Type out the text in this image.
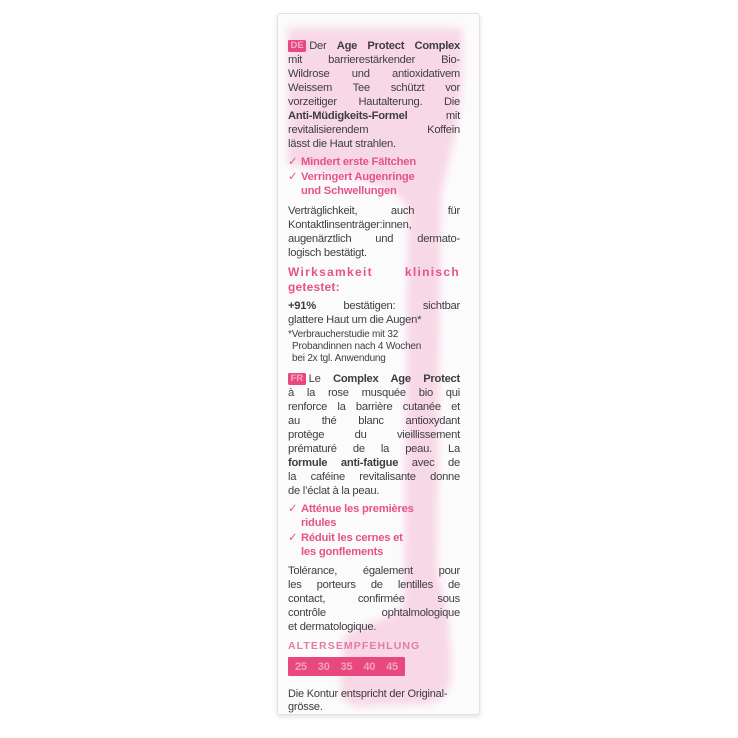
DE Der Age Protect Complex
mit barrierestärkender Bio-
Wildrose und antioxidativem
Weissem Tee schützt vor
vorzeitiger Hautalterung. Die
Anti-Müdigkeits-Formel mit
revitalisierendem Koffein
lässt die Haut strahlen.
✓ Mindert erste Fältchen
✓ Verringert Augenringe
und Schwellungen
Verträglichkeit, auch für
Kontaktlinsenträger:innen,
augenärztlich und dermato-
logisch bestätigt.
Wirksamkeit klinisch
getestet:
+91% bestätigen: sichtbar
glattere Haut um die Augen*
*Verbraucherstudie mit 32
Probandinnen nach 4 Wochen
bei 2x tgl. Anwendung
FR Le Complex Age Protect
à la rose musquée bio qui
renforce la barrière cutanée et
au thé blanc antioxydant
protège du vieillissement
prématuré de la peau. La
formule anti-fatigue avec de
la caféine revitalisante donne
de l’éclat à la peau.
✓ Atténue les premières
ridules
✓ Réduit les cernes et
les gonflements
Tolérance, également pour
les porteurs de lentilles de
contact, confirmée sous
contrôle ophtalmologique
et dermatologique.
ALTERSEMPFEHLUNG
25 30 35 40 45
Die Kontur entspricht der Original-
grösse.
